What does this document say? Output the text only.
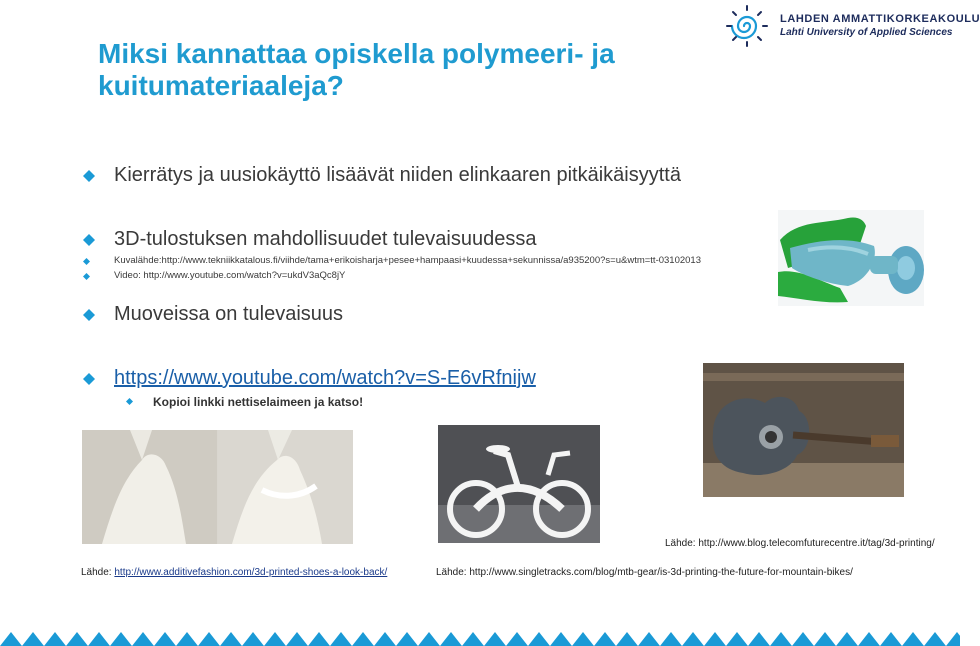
Miksi kannattaa opiskella polymeeri- ja kuitumateriaaleja?
LAHDEN AMMATTIKORKEAKOULU
Lahti University of Applied Sciences
Kierrätys ja uusiokäyttö lisäävät niiden elinkaaren pitkäikäisyyttä
3D-tulostuksen mahdollisuudet tulevaisuudessa
Kuvalähde:http://www.tekniikkatalous.fi/viihde/tama+erikoisharja+pesee+hampaasi+kuudessa+sekunnissa/a935200?s=u&wtm=tt-03102013
Video: http://www.youtube.com/watch?v=ukdV3aQc8jY
Muoveissa on tulevaisuus
https://www.youtube.com/watch?v=S-E6vRfnijw
Kopioi linkki nettiselaimeen ja katso!
Lähde: http://www.blog.telecomfuturecentre.it/tag/3d-printing/
Lähde: http://www.additivefashion.com/3d-printed-shoes-a-look-back/	Lähde: http://www.singletracks.com/blog/mtb-gear/is-3d-printing-the-future-for-mountain-bikes/
